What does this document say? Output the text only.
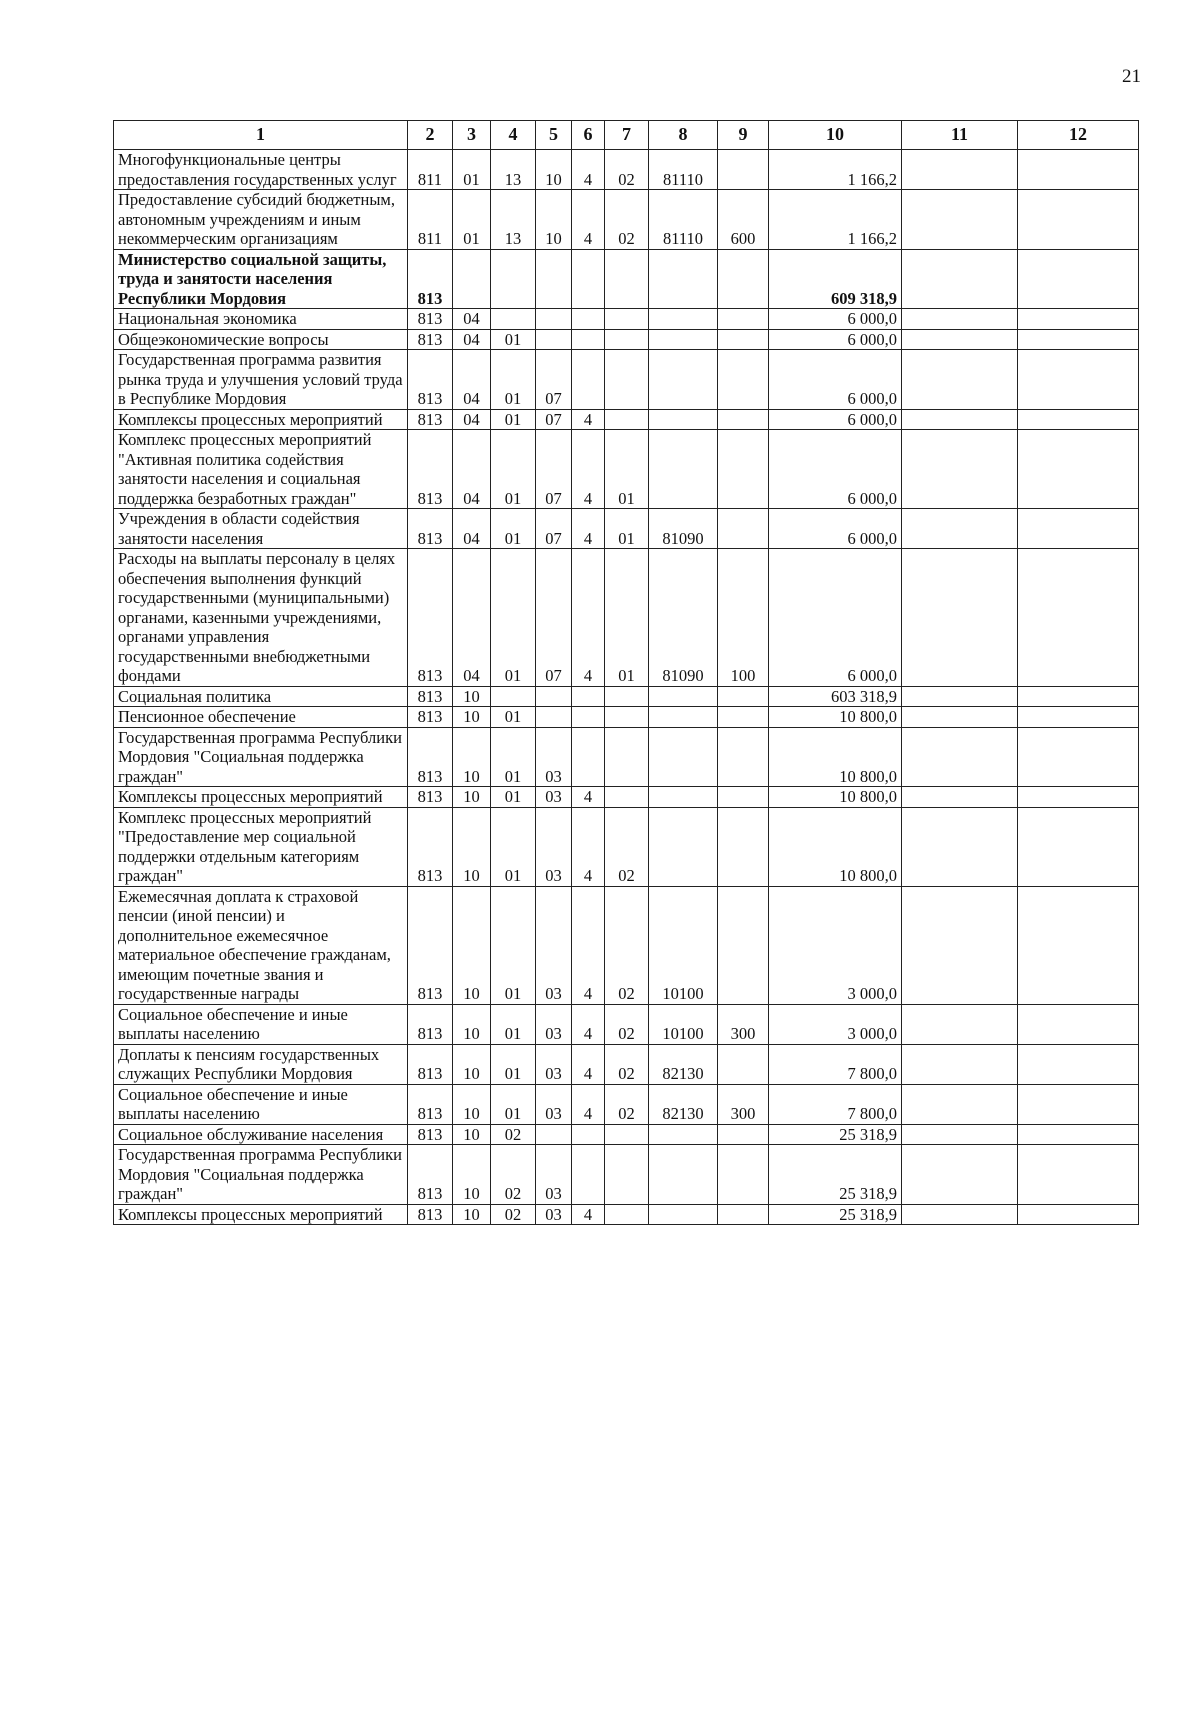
21
1	2	3	4	5	6	7	8	9	10	11	12
Многофункциональные центры предоставления государственных услуг	811	01	13	10	4	02	81110		1 166,2		
Предоставление субсидий бюджетным, автономным учреждениям и иным некоммерческим организациям	811	01	13	10	4	02	81110	600	1 166,2		
Министерство социальной защиты, труда и занятости населения Республики Мордовия	813								609 318,9		
Национальная экономика	813	04							6 000,0		
Общеэкономические вопросы	813	04	01						6 000,0		
Государственная программа развития рынка труда и улучшения условий труда в Республике Мордовия	813	04	01	07					6 000,0		
Комплексы процессных мероприятий	813	04	01	07	4				6 000,0		
Комплекс процессных мероприятий "Активная политика содействия занятости населения и социальная поддержка безработных граждан"	813	04	01	07	4	01			6 000,0		
Учреждения в области содействия занятости населения	813	04	01	07	4	01	81090		6 000,0		
Расходы на выплаты персоналу в целях обеспечения выполнения функций государственными (муниципальными) органами, казенными учреждениями, органами управления государственными внебюджетными фондами	813	04	01	07	4	01	81090	100	6 000,0		
Социальная политика	813	10							603 318,9		
Пенсионное обеспечение	813	10	01						10 800,0		
Государственная программа Республики Мордовия "Социальная поддержка граждан"	813	10	01	03					10 800,0		
Комплексы процессных мероприятий	813	10	01	03	4				10 800,0		
Комплекс процессных мероприятий "Предоставление мер социальной поддержки отдельным категориям граждан"	813	10	01	03	4	02			10 800,0		
Ежемесячная доплата к страховой пенсии (иной пенсии) и дополнительное ежемесячное материальное обеспечение гражданам, имеющим почетные звания и государственные награды	813	10	01	03	4	02	10100		3 000,0		
Социальное обеспечение и иные выплаты населению	813	10	01	03	4	02	10100	300	3 000,0		
Доплаты к пенсиям государственных служащих Республики Мордовия	813	10	01	03	4	02	82130		7 800,0		
Социальное обеспечение и иные выплаты населению	813	10	01	03	4	02	82130	300	7 800,0		
Социальное обслуживание населения	813	10	02						25 318,9		
Государственная программа Республики Мордовия "Социальная поддержка граждан"	813	10	02	03					25 318,9		
Комплексы процессных мероприятий	813	10	02	03	4				25 318,9		
